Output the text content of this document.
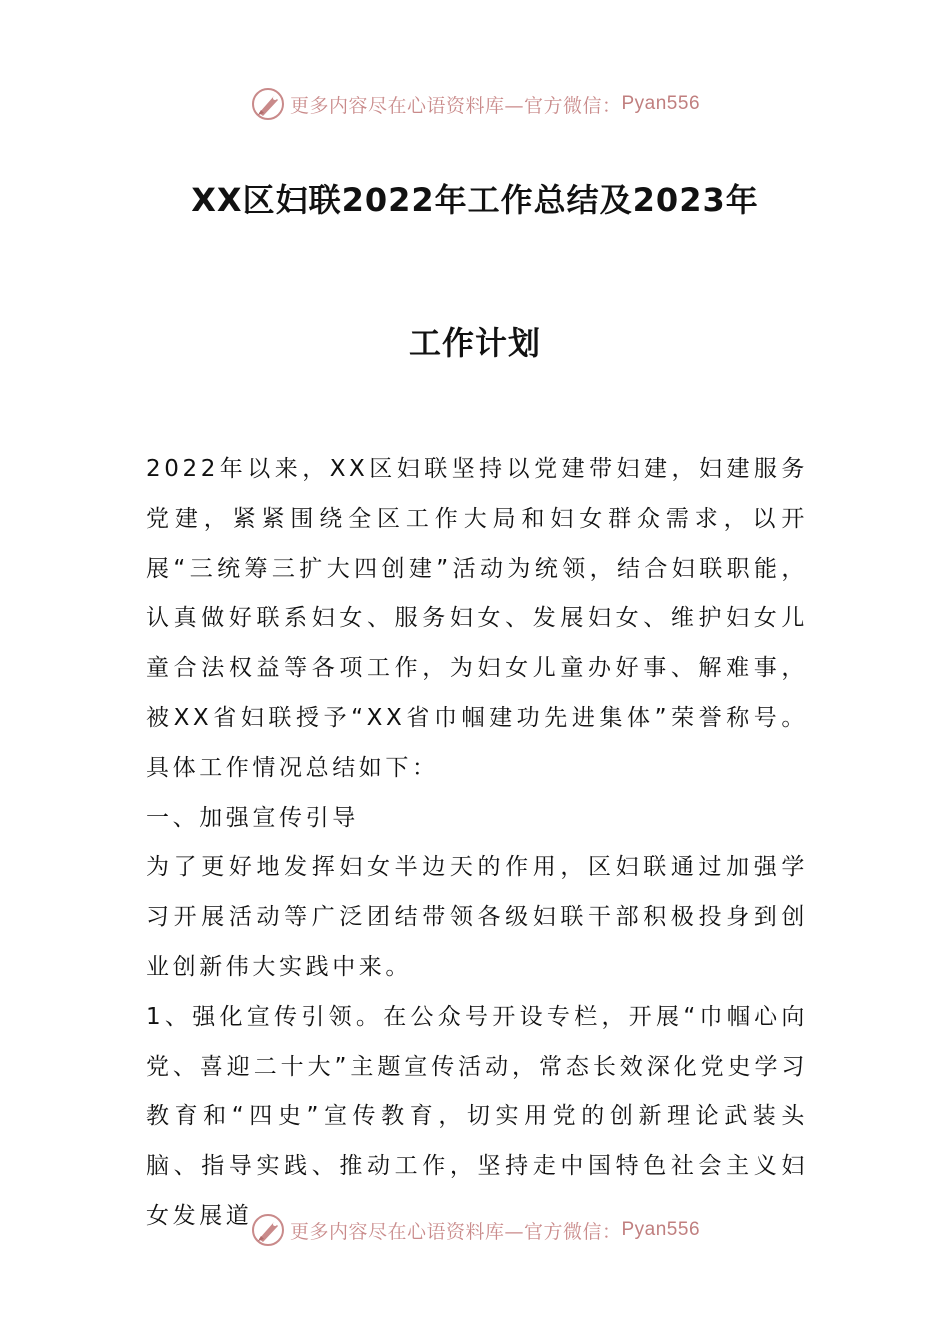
更多内容尽在心语资料库—官方微信： Pyan556
XX区妇联2022年工作总结及2023年
工作计划

2022年以来，XX区妇联坚持以党建带妇建，妇建服务党建，紧紧围绕全区工作大局和妇女群众需求，以开展“三统筹三扩大四创建”活动为统领，结合妇联职能，认真做好联系妇女、服务妇女、发展妇女、维护妇女儿童合法权益等各项工作，为妇女儿童办好事、解难事，被XX省妇联授予“XX省巾帼建功先进集体”荣誉称号。具体工作情况总结如下：

一、加强宣传引导

为了更好地发挥妇女半边天的作用，区妇联通过加强学习开展活动等广泛团结带领各级妇联干部积极投身到创业创新伟大实践中来。

1、强化宣传引领。在公众号开设专栏，开展“巾帼心向党、喜迎二十大”主题宣传活动，常态长效深化党史学习教育和“四史”宣传教育，切实用党的创新理论武装头脑、指导实践、推动工作，坚持走中国特色社会主义妇女发展道

更多内容尽在心语资料库—官方微信： Pyan556
